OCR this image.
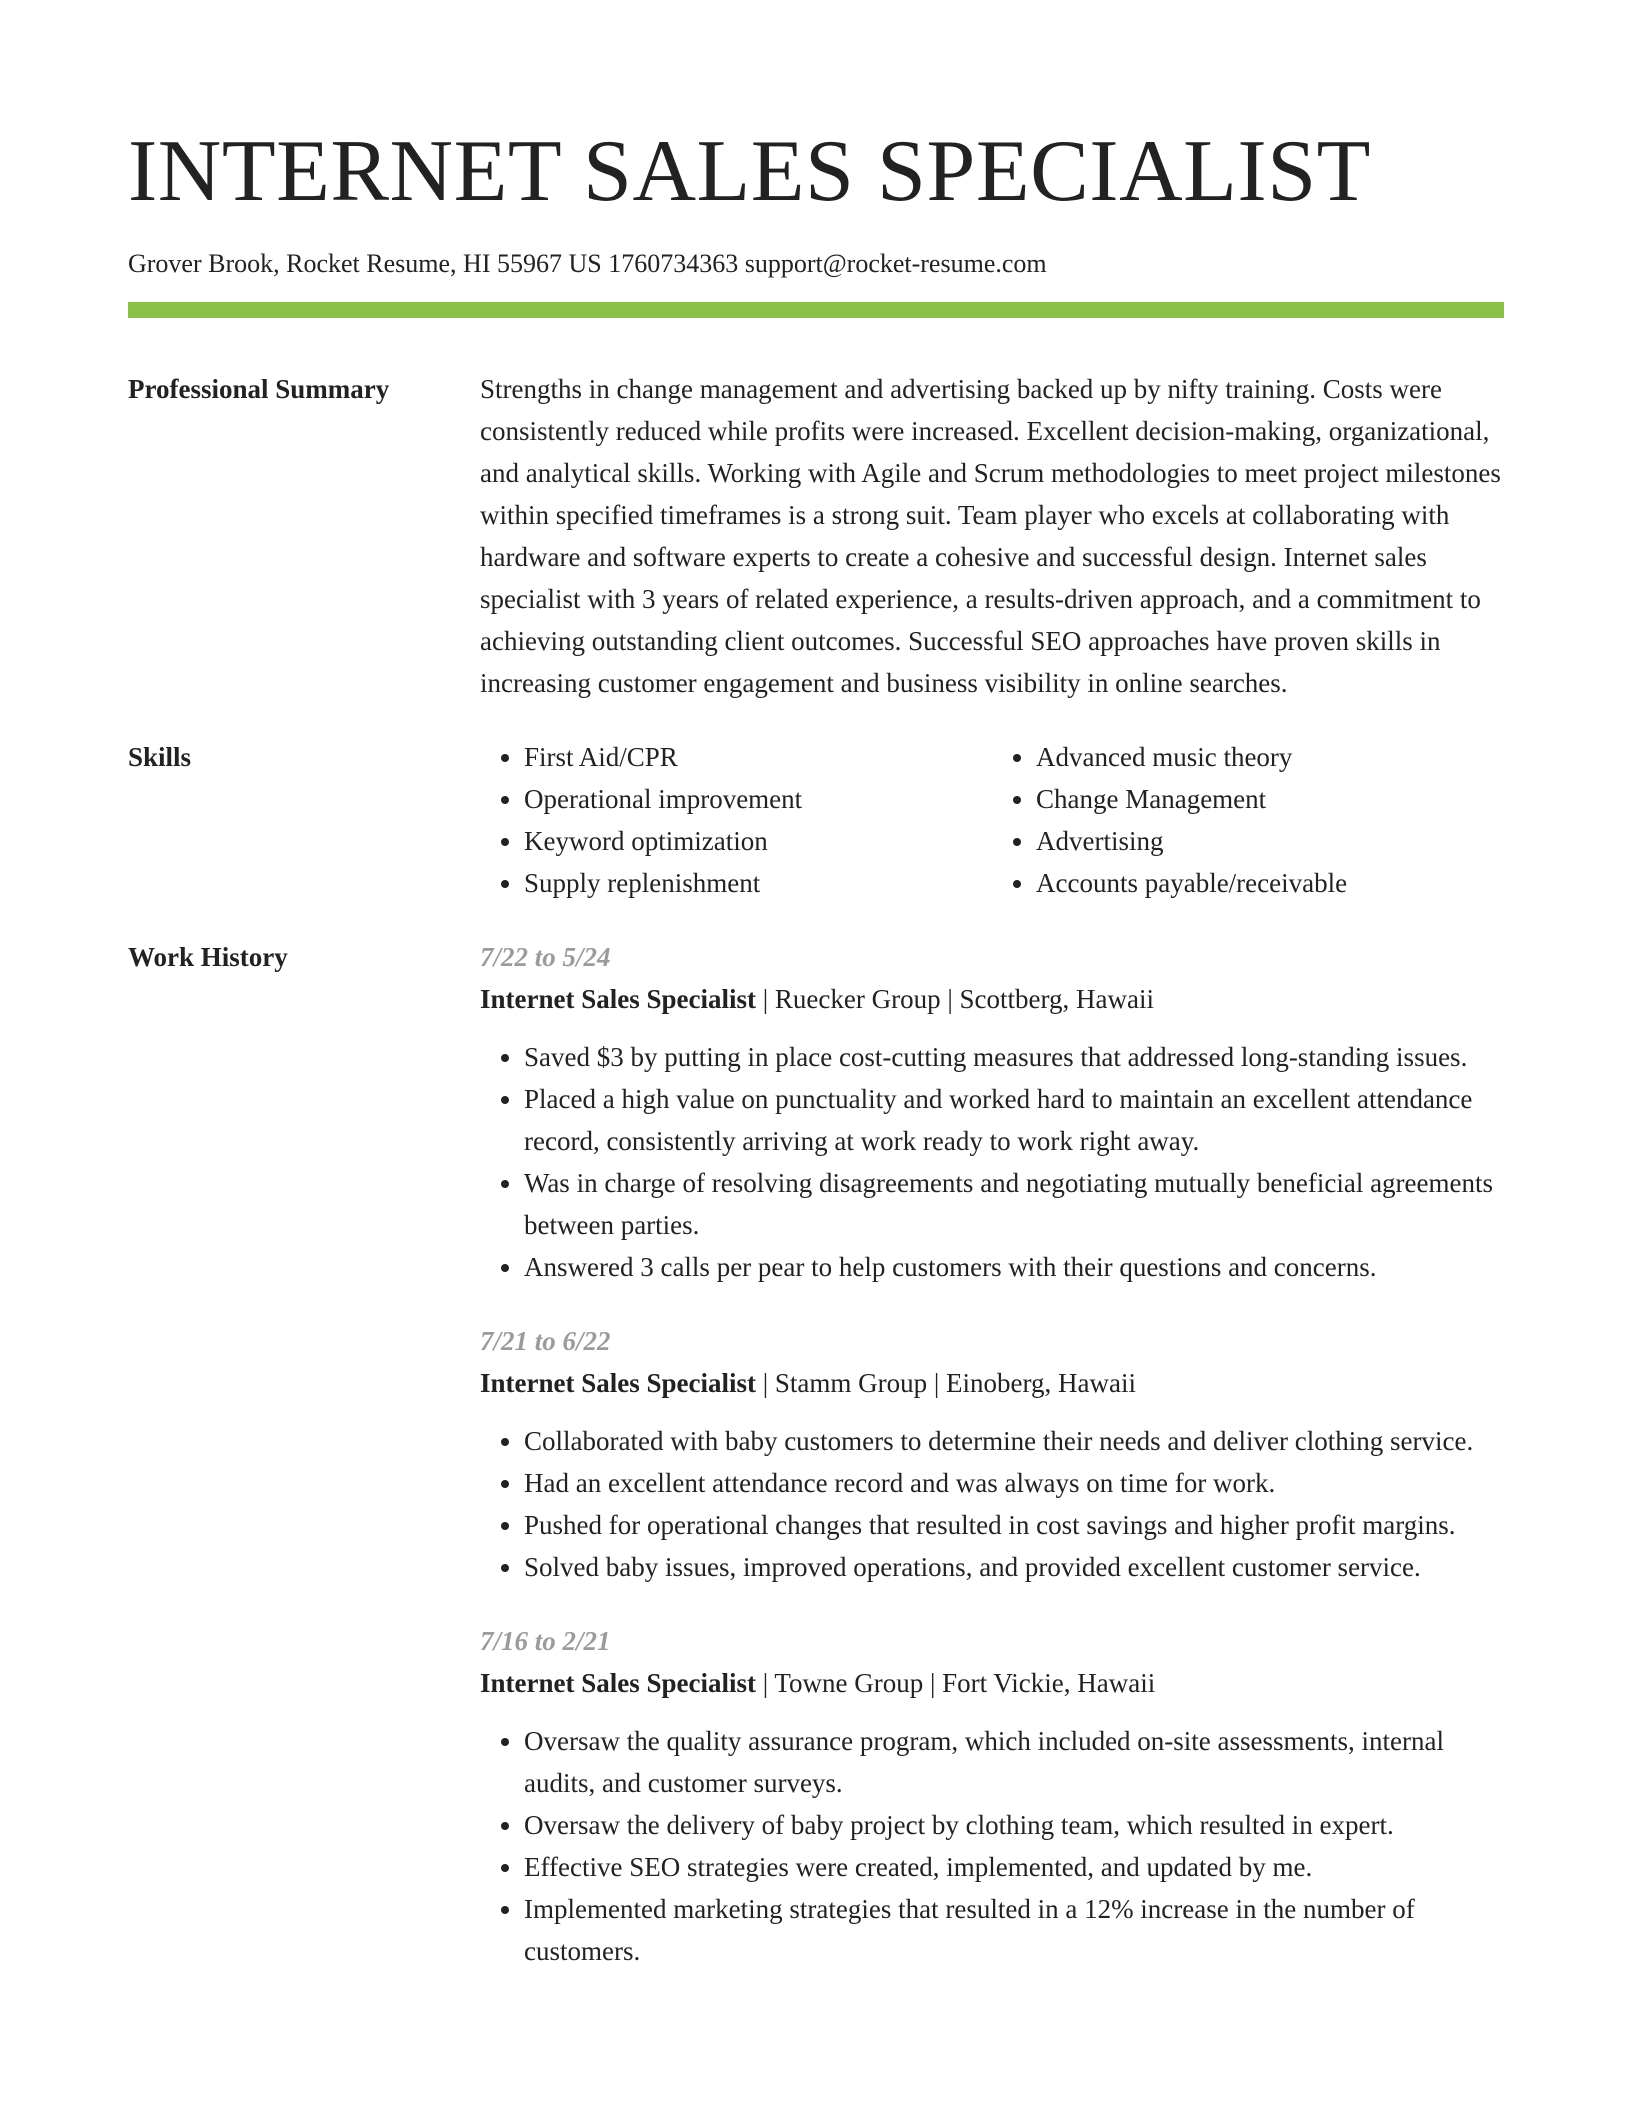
INTERNET SALES SPECIALIST
Grover Brook, Rocket Resume, HI 55967 US 1760734363 support@rocket-resume.com
Professional Summary	Strengths in change management and advertising backed up by nifty training. Costs were consistently reduced while profits were increased. Excellent decision-making, organizational, and analytical skills. Working with Agile and Scrum methodologies to meet project milestones within specified timeframes is a strong suit. Team player who excels at collaborating with hardware and software experts to create a cohesive and successful design. Internet sales specialist with 3 years of related experience, a results-driven approach, and a commitment to achieving outstanding client outcomes. Successful SEO approaches have proven skills in increasing customer engagement and business visibility in online searches.

Skills
•	First Aid/CPR
• Operational improvement
• Keyword optimization
• Supply replenishment
• Advanced music theory
• Change Management
• Advertising
• Accounts payable/receivable
Work History	7/22 to 5/24
Internet Sales Specialist | Ruecker Group | Scottberg, Hawaii
• Saved $3 by putting in place cost-cutting measures that addressed long-standing issues.
• Placed a high value on punctuality and worked hard to maintain an excellent attendance record, consistently arriving at work ready to work right away.
• Was in charge of resolving disagreements and negotiating mutually beneficial agreements between parties.
• Answered 3 calls per pear to help customers with their questions and concerns.
7/21 to 6/22
Internet Sales Specialist | Stamm Group | Einoberg, Hawaii
• Collaborated with baby customers to determine their needs and deliver clothing service.
• Had an excellent attendance record and was always on time for work.
• Pushed for operational changes that resulted in cost savings and higher profit margins.
• Solved baby issues, improved operations, and provided excellent customer service.
7/16 to 2/21
Internet Sales Specialist | Towne Group | Fort Vickie, Hawaii
• Oversaw the quality assurance program, which included on-site assessments, internal audits, and customer surveys.
• Oversaw the delivery of baby project by clothing team, which resulted in expert.
• Effective SEO strategies were created, implemented, and updated by me.
• Implemented marketing strategies that resulted in a 12% increase in the number of customers.
